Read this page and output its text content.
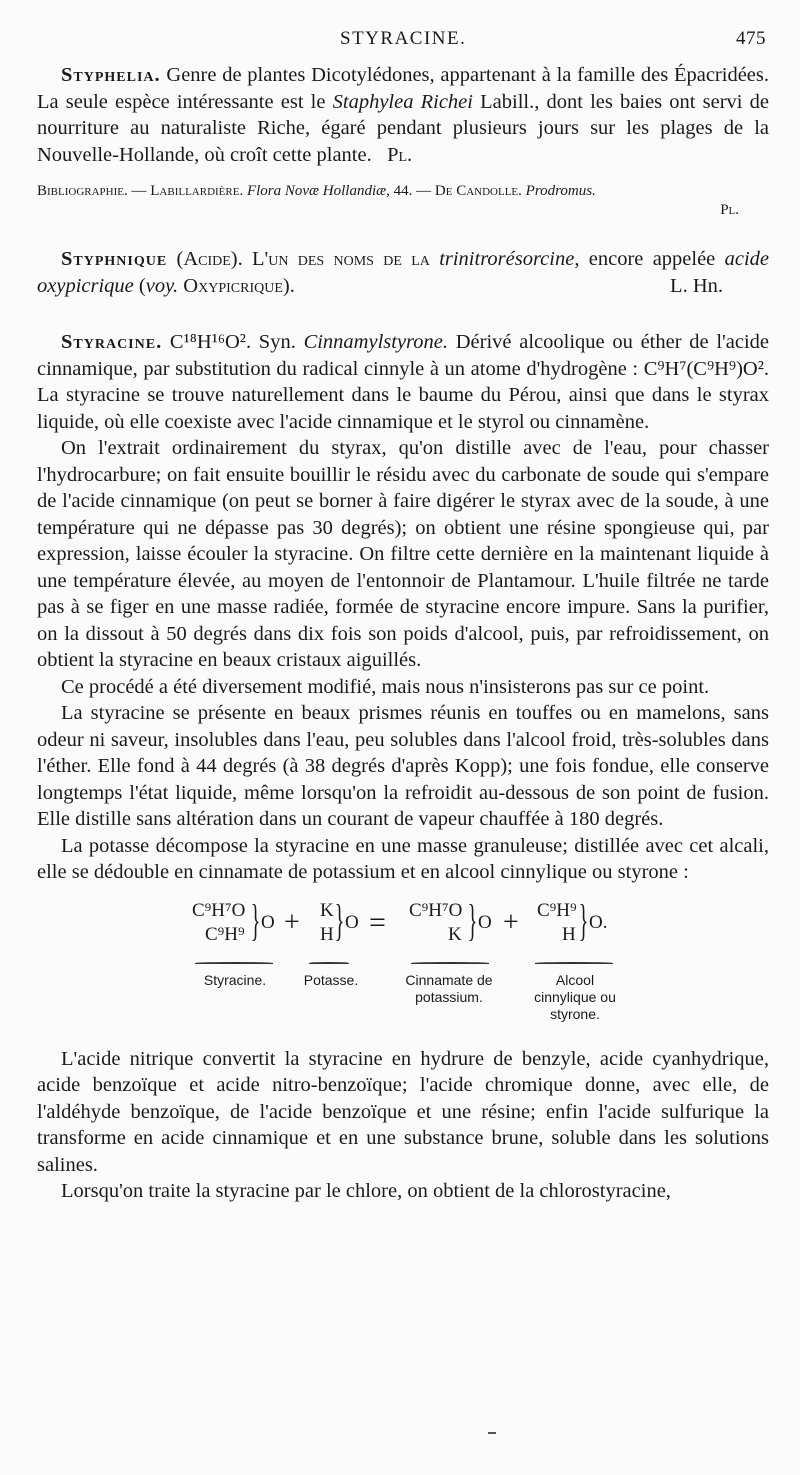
STYRACINE.	475

Styphelia. Genre de plantes Dicotylédones, appartenant à la famille des Épacridées. La seule espèce intéressante est le Staphylea Richei Labill., dont les baies ont servi de nourriture au naturaliste Riche, égaré pendant plusieurs jours sur les plages de la Nouvelle-Hollande, où croît cette plante. Pl.

Bibliographie. — Labillardière. Flora Novæ Hollandiæ, 44. — De Candolle. Prodromus.
Pl.

Styphnique (Acide). L'un des noms de la trinitrorésorcine, encore appelée acide oxypicrique (voy. Oxypicrique).	L. Hn.

Styracine. C¹⁸H¹⁶O². Syn. Cinnamylstyrone. Dérivé alcoolique ou éther de l'acide cinnamique, par substitution du radical cinnyle à un atome d'hydrogène : C⁹H⁷(C⁹H⁹)O². La styracine se trouve naturellement dans le baume du Pérou, ainsi que dans le styrax liquide, où elle coexiste avec l'acide cinnamique et le styrol ou cinnamène.

On l'extrait ordinairement du styrax, qu'on distille avec de l'eau, pour chasser l'hydrocarbure; on fait ensuite bouillir le résidu avec du carbonate de soude qui s'empare de l'acide cinnamique (on peut se borner à faire digérer le styrax avec de la soude, à une température qui ne dépasse pas 30 degrés); on obtient une résine spongieuse qui, par expression, laisse écouler la styracine. On filtre cette dernière en la maintenant liquide à une température élevée, au moyen de l'entonnoir de Plantamour. L'huile filtrée ne tarde pas à se figer en une masse radiée, formée de styracine encore impure. Sans la purifier, on la dissout à 50 degrés dans dix fois son poids d'alcool, puis, par refroidissement, on obtient la styracine en beaux cristaux aiguillés.

Ce procédé a été diversement modifié, mais nous n'insisterons pas sur ce point.

La styracine se présente en beaux prismes réunis en touffes ou en mamelons, sans odeur ni saveur, insolubles dans l'eau, peu solubles dans l'alcool froid, très-solubles dans l'éther. Elle fond à 44 degrés (à 38 degrés d'après Kopp); une fois fondue, elle conserve longtemps l'état liquide, même lorsqu'on la refroidit au-dessous de son point de fusion. Elle distille sans altération dans un courant de vapeur chauffée à 180 degrés.

La potasse décompose la styracine en une masse granuleuse; distillée avec cet alcali, elle se dédouble en cinnamate de potassium et en alcool cinnylique ou styrone :

C⁹H⁷O
C⁹H⁹ } O + K
H } O = C⁹H⁷O
K } O + C⁹H⁹
H } O.
Styracine.	Potasse.	Cinnamate de potassium.
Alcool cinnylique ou styrone.

L'acide nitrique convertit la styracine en hydrure de benzyle, acide cyanhydrique, acide benzoïque et acide nitro-benzoïque; l'acide chromique donne, avec elle, de l'aldéhyde benzoïque, de l'acide benzoïque et une résine; enfin l'acide sulfurique la transforme en acide cinnamique et en une substance brune, soluble dans les solutions salines.

Lorsqu'on traite la styracine par le chlore, on obtient de la chlorostyracine,
